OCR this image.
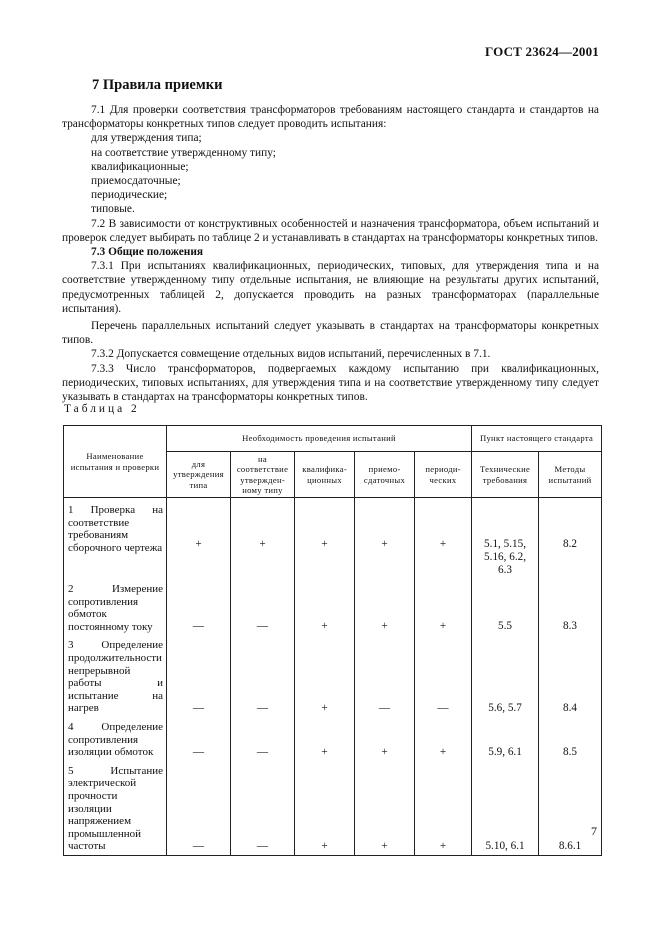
ГОСТ 23624—2001
7 Правила приемки

7.1 Для проверки соответствия трансформаторов требованиям настоящего стандарта и стандартов на трансформаторы конкретных типов следует проводить испытания:

для утверждения типа;

на соответствие утвержденному типу;

квалификационные;

приемосдаточные;

периодические;

типовые.

7.2 В зависимости от конструктивных особенностей и назначения трансформатора, объем испытаний и проверок следует выбирать по таблице 2 и устанавливать в стандартах на трансформаторы конкретных типов.

7.3 Общие положения

7.3.1 При испытаниях квалификационных, периодических, типовых, для утверждения типа и на соответствие утвержденному типу отдельные испытания, не влияющие на результаты других испытаний, предусмотренных таблицей 2, допускается проводить на разных трансформаторах (параллельные испытания).

Перечень параллельных испытаний следует указывать в стандартах на трансформаторы конкретных типов.

7.3.2 Допускается совмещение отдельных видов испытаний, перечисленных в 7.1.

7.3.3 Число трансформаторов, подвергаемых каждому испытанию при квалификационных, периодических, типовых испытаниях, для утверждения типа и на соответствие утвержденному типу следует указывать в стандартах на трансформаторы конкретных типов.

Таблица 2
Наименование испытания и проверки	Необходимость проведения испытаний					Пункт настоящего стандарта	
	для утверждения типа	на соответствие утвержденному типу	квалификационных	приемосдаточных	периодических	Технические требования	Методы испытаний
1 Проверка на соответствие требованиям сборочного чертежа	+	+	+	+	+	5.1, 5.15, 5.16, 6.2, 6.3	8.2
2 Измерение сопротивления обмоток постоянному току	—	—	+	+	+	5.5	8.3
3 Определение продолжительности непрерывной работы и испытание на нагрев	—	—	+	—	—	5.6, 5.7	8.4
4 Определение сопротивления изоляции обмоток	—	—	+	+	+	5.9, 6.1	8.5
5 Испытание электрической прочности изоляции напряжением промышленной частоты	—	—	+	+	+	5.10, 6.1	8.6.1
7
